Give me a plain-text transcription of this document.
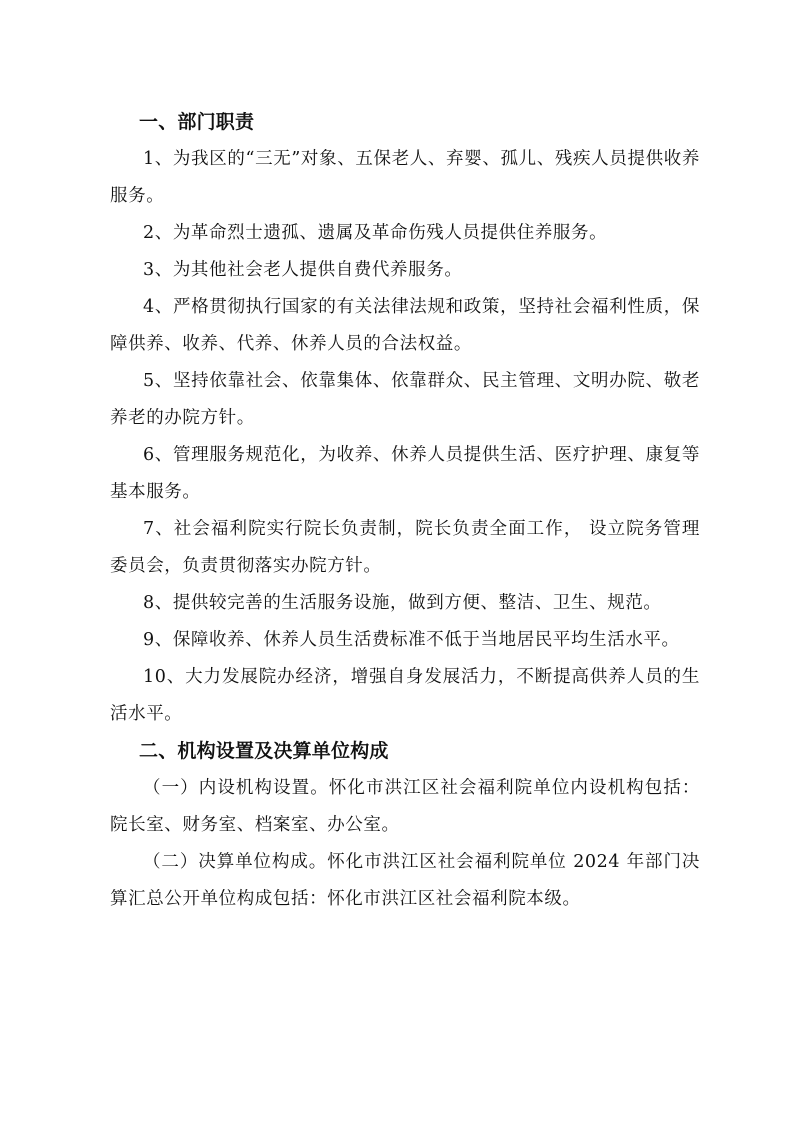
一、部门职责

1、为我区的“三无”对象、五保老人、弃婴、孤儿、残疾人员提供收养服务。

2、为革命烈士遗孤、遗属及革命伤残人员提供住养服务。

3、为其他社会老人提供自费代养服务。

4、严格贯彻执行国家的有关法律法规和政策，坚持社会福利性质，保障供养、收养、代养、休养人员的合法权益。

5、坚持依靠社会、依靠集体、依靠群众、民主管理、文明办院、敬老养老的办院方针。

6、管理服务规范化，为收养、休养人员提供生活、医疗护理、康复等基本服务。

7、社会福利院实行院长负责制，院长负责全面工作， 设立院务管理委员会，负责贯彻落实办院方针。

8、提供较完善的生活服务设施，做到方便、整洁、卫生、规范。

9、保障收养、休养人员生活费标准不低于当地居民平均生活水平。

10、大力发展院办经济，增强自身发展活力，不断提高供养人员的生活水平。

二、机构设置及决算单位构成

（一）内设机构设置。怀化市洪江区社会福利院单位内设机构包括：院长室、财务室、档案室、办公室。

（二）决算单位构成。怀化市洪江区社会福利院单位 2024 年部门决算汇总公开单位构成包括：怀化市洪江区社会福利院本级。
